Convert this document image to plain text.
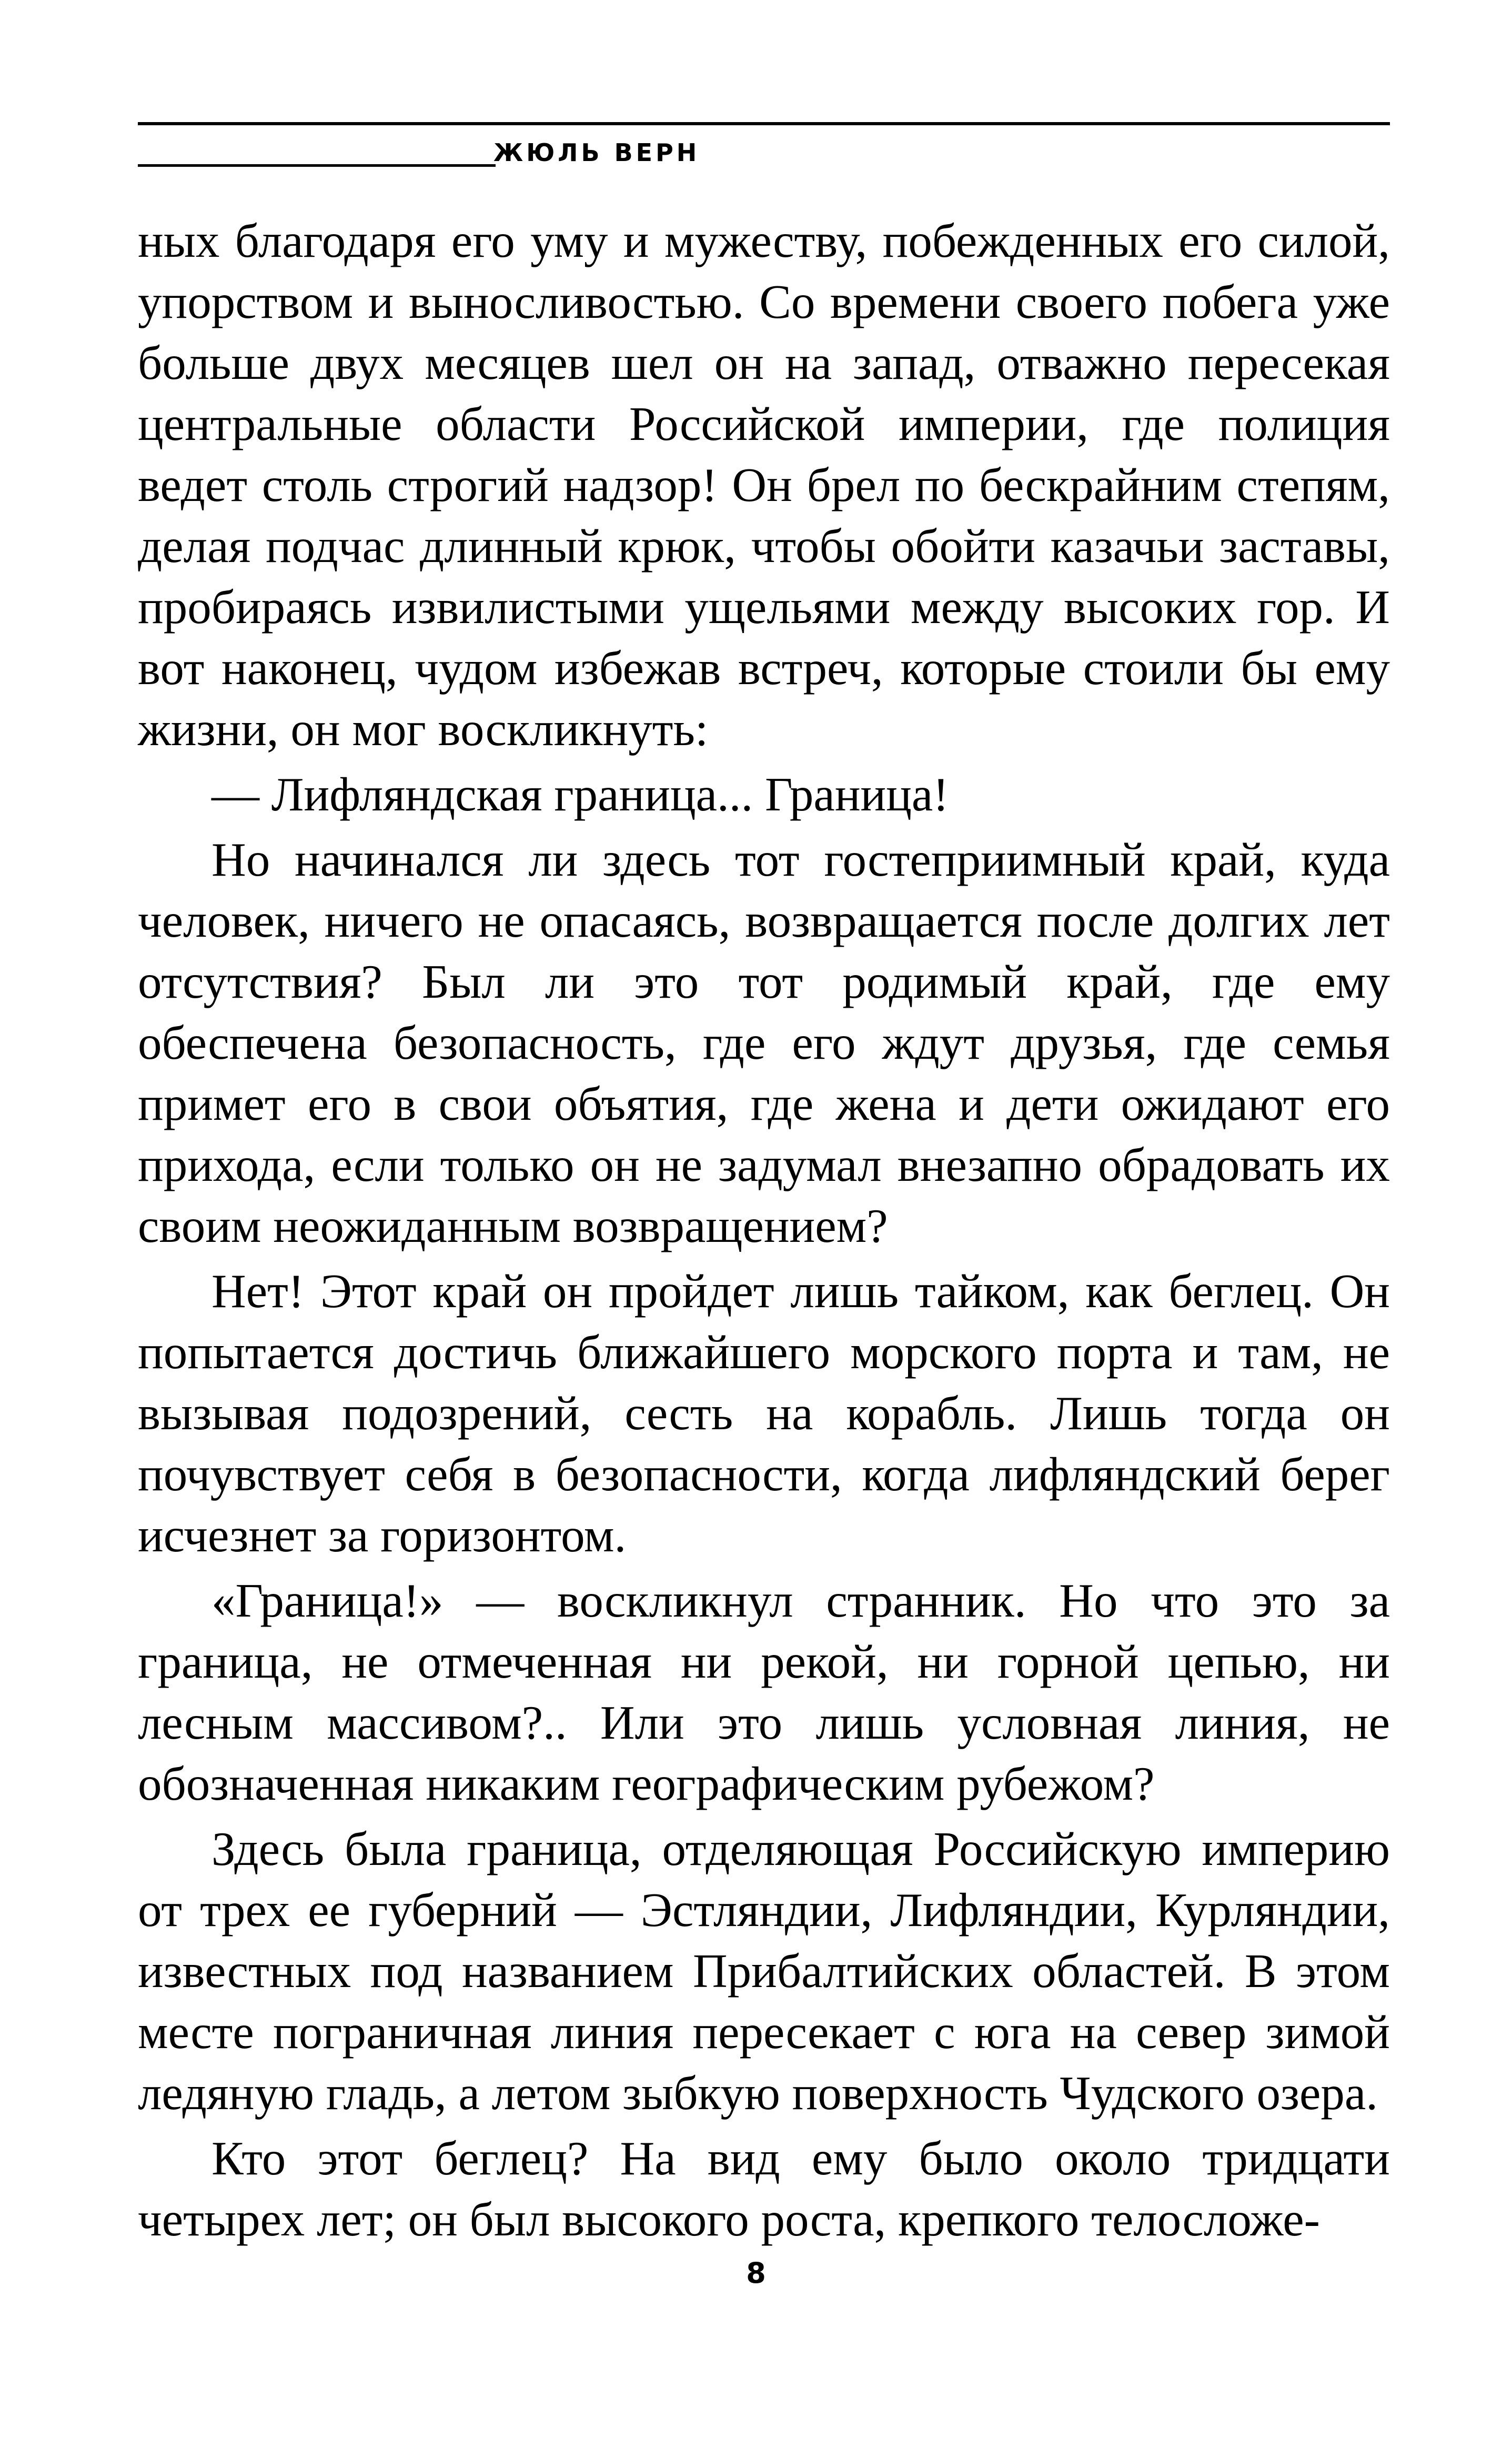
ЖЮЛЬ ВЕРН

ных благодаря его уму и мужеству, побежденных его силой, упорством и выносливостью. Со времени своего побега уже больше двух месяцев шел он на запад, отважно пересекая центральные области Российской империи, где полиция ведет столь строгий надзор! Он брел по бескрайним степям, делая подчас длинный крюк, чтобы обойти казачьи заставы, пробираясь извилистыми ущельями между высоких гор. И вот наконец, чудом избежав встреч, которые стоили бы ему жизни, он мог воскликнуть:

— Лифляндская граница... Граница!

Но начинался ли здесь тот гостеприимный край, куда человек, ничего не опасаясь, возвращается после долгих лет отсутствия? Был ли это тот родимый край, где ему обеспечена безопасность, где его ждут друзья, где семья примет его в свои объятия, где жена и дети ожидают его прихода, если только он не задумал внезапно обрадовать их своим неожиданным возвращением?

Нет! Этот край он пройдет лишь тайком, как беглец. Он попытается достичь ближайшего морского порта и там, не вызывая подозрений, сесть на корабль. Лишь тогда он почувствует себя в безопасности, когда лифляндский берег исчезнет за горизонтом.

«Граница!» — воскликнул странник. Но что это за граница, не отмеченная ни рекой, ни горной цепью, ни лесным массивом?.. Или это лишь условная линия, не обозначенная никаким географическим рубежом?

Здесь была граница, отделяющая Российскую империю от трех ее губерний — Эстляндии, Лифляндии, Курляндии, известных под названием Прибалтийских областей. В этом месте пограничная линия пересекает с юга на север зимой ледяную гладь, а летом зыбкую поверхность Чудского озера.

Кто этот беглец? На вид ему было около тридцати четырех лет; он был высокого роста, крепкого телосложе-

8
